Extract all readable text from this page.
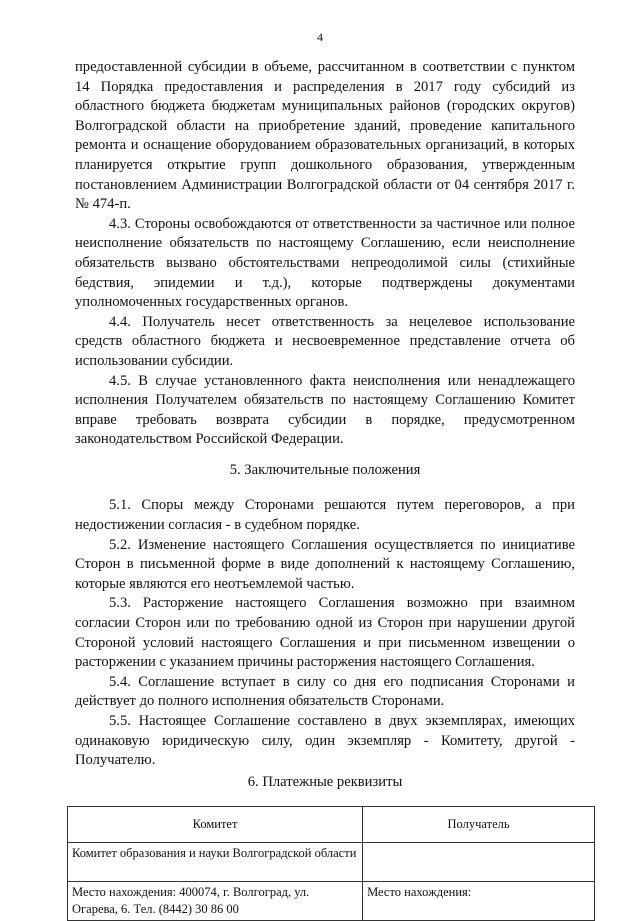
4

предоставленной субсидии в объеме, рассчитанном в соответствии с пунктом 14 Порядка предоставления и распределения в 2017 году субсидий из областного бюджета бюджетам муниципальных районов (городских округов) Волгоградской области на приобретение зданий, проведение капитального ремонта и оснащение оборудованием образовательных организаций, в которых планируется открытие групп дошкольного образования, утвержденным постановлением Администрации Волгоградской области от 04 сентября 2017 г. № 474-п.

4.3. Стороны освобождаются от ответственности за частичное или полное неисполнение обязательств по настоящему Соглашению, если неисполнение обязательств вызвано обстоятельствами непреодолимой силы (стихийные бедствия, эпидемии и т.д.), которые подтверждены документами уполномоченных государственных органов.

4.4. Получатель несет ответственность за нецелевое использование средств областного бюджета и несвоевременное представление отчета об использовании субсидии.

4.5. В случае установленного факта неисполнения или ненадлежащего исполнения Получателем обязательств по настоящему Соглашению Комитет вправе требовать возврата субсидии в порядке, предусмотренном законодательством Российской Федерации.

5. Заключительные положения

5.1. Споры между Сторонами решаются путем переговоров, а при недостижении согласия - в судебном порядке.

5.2. Изменение настоящего Соглашения осуществляется по инициативе Сторон в письменной форме в виде дополнений к настоящему Соглашению, которые являются его неотъемлемой частью.

5.3. Расторжение настоящего Соглашения возможно при взаимном согласии Сторон или по требованию одной из Сторон при нарушении другой Стороной условий настоящего Соглашения и при письменном извещении о расторжении с указанием причины расторжения настоящего Соглашения.

5.4. Соглашение вступает в силу со дня его подписания Сторонами и действует до полного исполнения обязательств Сторонами.

5.5. Настоящее Соглашение составлено в двух экземплярах, имеющих одинаковую юридическую силу, один экземпляр - Комитету, другой - Получателю.

6. Платежные реквизиты

Комитет	Получатель
Комитет образования и науки Волгоградской области	
Место нахождения: 400074, г. Волгоград, ул. Огарева, 6. Тел. (8442) 30 86 00	Место нахождения:
